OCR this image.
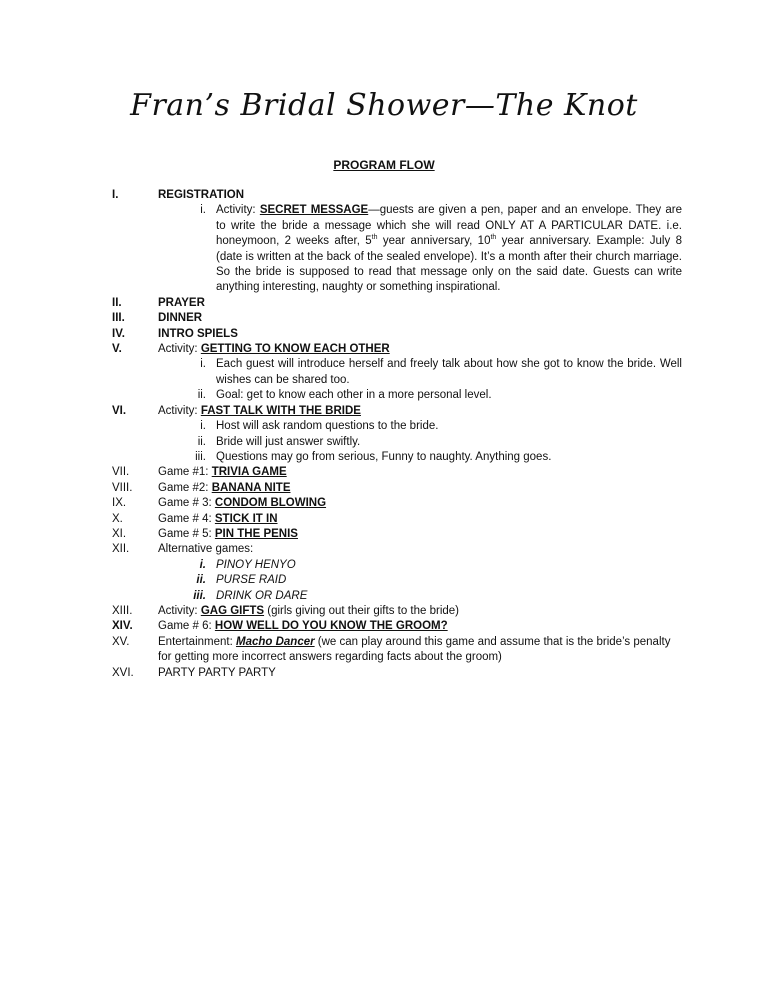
Fran’s Bridal Shower—The Knot
PROGRAM FLOW
I.	REGISTRATION
i. Activity: SECRET MESSAGE—guests are given a pen, paper and an envelope. They are to write the bride a message which she will read ONLY AT A PARTICULAR DATE. i.e. honeymoon, 2 weeks after, 5th year anniversary, 10th year anniversary. Example: July 8 (date is written at the back of the sealed envelope). It’s a month after their church marriage. So the bride is supposed to read that message only on the said date. Guests can write anything interesting, naughty or something inspirational.
II.	PRAYER
III.	DINNER
IV.	INTRO SPIELS
V.	Activity: GETTING TO KNOW EACH OTHER
i. Each guest will introduce herself and freely talk about how she got to know the bride. Well wishes can be shared too.
ii. Goal: get to know each other in a more personal level.
VI.	Activity: FAST TALK WITH THE BRIDE
i. Host will ask random questions to the bride.
ii. Bride will just answer swiftly.
iii. Questions may go from serious, Funny to naughty. Anything goes.
VII.	Game #1: TRIVIA GAME
VIII.	Game #2: BANANA NITE
IX.	Game # 3: CONDOM BLOWING
X.	Game # 4: STICK IT IN
XI.	Game # 5: PIN THE PENIS
XII.	Alternative games:
i. PINOY HENYO
ii. PURSE RAID
iii. DRINK OR DARE
XIII.	Activity: GAG GIFTS (girls giving out their gifts to the bride)
XIV.	Game # 6: HOW WELL DO YOU KNOW THE GROOM?
XV.	Entertainment: Macho Dancer (we can play around this game and assume that is the bride’s penalty for getting more incorrect answers regarding facts about the groom)
XVI.	PARTY PARTY PARTY
